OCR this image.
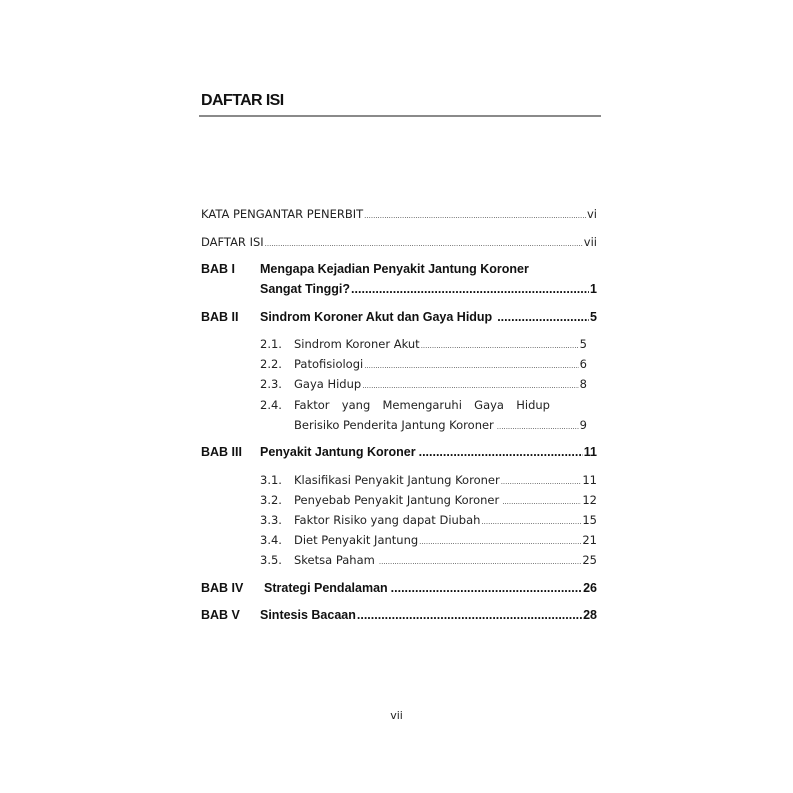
DAFTAR ISI
KATA PENGANTAR PENERBIT .....	vi
DAFTAR ISI .....	vii
BAB I Mengapa Kejadian Penyakit Jantung Koroner
Sangat Tinggi? .....	1
BAB II Sindrom Koroner Akut dan Gaya Hidup .....	5
2.1. Sindrom Koroner Akut .....	5
2.2. Patofisiologi .....	6
2.3. Gaya Hidup .....	8
2.4. Faktor yang Memengaruhi Gaya Hidup
Berisiko Penderita Jantung Koroner .....	9
BAB III Penyakit Jantung Koroner .....	11
3.1. Klasifikasi Penyakit Jantung Koroner .....	11
3.2. Penyebab Penyakit Jantung Koroner .....	12
3.3. Faktor Risiko yang dapat Diubah .....	15
3.4. Diet Penyakit Jantung .....	21
3.5. Sketsa Paham .....	25
BAB IV Strategi Pendalaman .....	26
BAB V Sintesis Bacaan .....	28
vii
